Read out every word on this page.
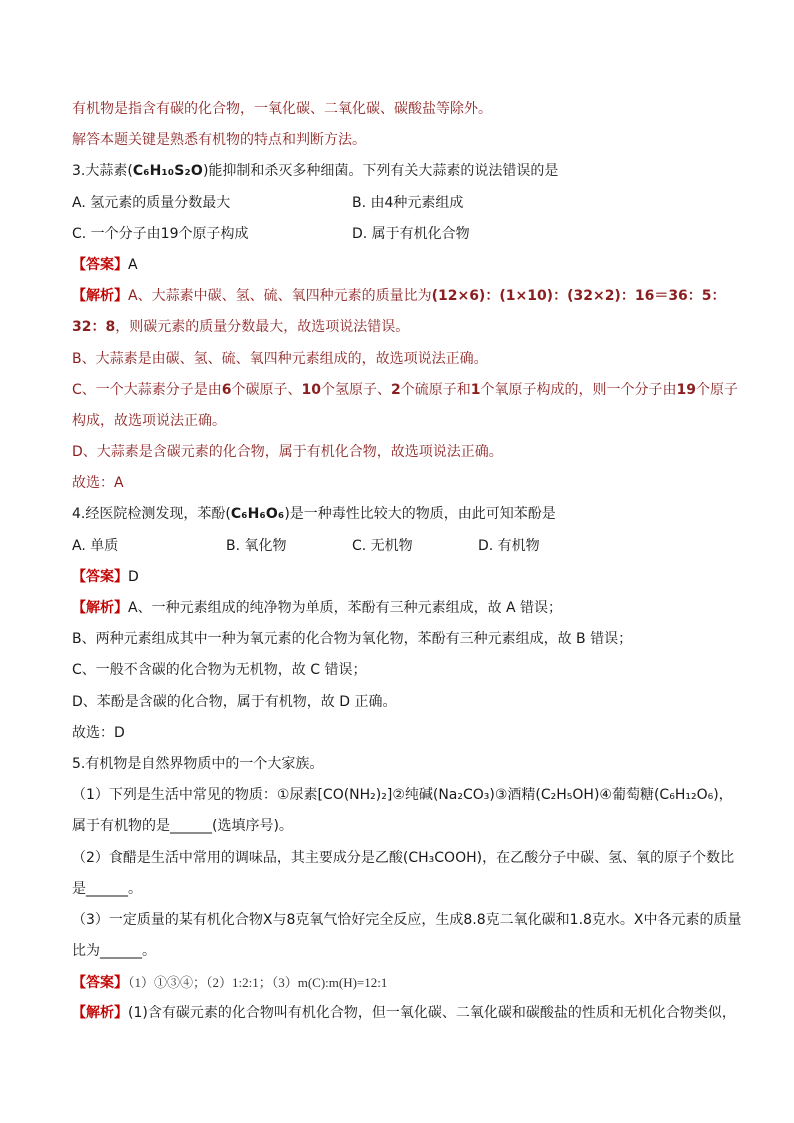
有机物是指含有碳的化合物，一氧化碳、二氧化碳、碳酸盐等除外。
解答本题关键是熟悉有机物的特点和判断方法。
3.大蒜素(C₆H₁₀S₂O)能抑制和杀灭多种细菌。下列有关大蒜素的说法错误的是
A. 氢元素的质量分数最大	B. 由4种元素组成
C. 一个分子由19个原子构成	D. 属于有机化合物
【答案】A
【解析】A、大蒜素中碳、氢、硫、氧四种元素的质量比为(12×6)：(1×10)：(32×2)：16＝36：5：
32：8，则碳元素的质量分数最大，故选项说法错误。
B、大蒜素是由碳、氢、硫、氧四种元素组成的，故选项说法正确。
C、一个大蒜素分子是由6个碳原子、10个氢原子、2个硫原子和1个氧原子构成的，则一个分子由19个原子
构成，故选项说法正确。
D、大蒜素是含碳元素的化合物，属于有机化合物，故选项说法正确。
故选：A
4.经医院检测发现，苯酚(C₆H₆O₆)是一种毒性比较大的物质，由此可知苯酚是
A. 单质	B. 氧化物	C. 无机物	D. 有机物
【答案】D
【解析】A、一种元素组成的纯净物为单质，苯酚有三种元素组成，故 A 错误；
B、两种元素组成其中一种为氧元素的化合物为氧化物，苯酚有三种元素组成，故 B 错误；
C、一般不含碳的化合物为无机物，故 C 错误；
D、苯酚是含碳的化合物，属于有机物，故 D 正确。
故选：D
5.有机物是自然界物质中的一个大家族。
（1）下列是生活中常见的物质：①尿素[CO(NH₂)₂]②纯碱(Na₂CO₃)③酒精(C₂H₅OH)④葡萄糖(C₆H₁₂O₆)，
属于有机物的是______(选填序号)。
（2）食醋是生活中常用的调味品，其主要成分是乙酸(CH₃COOH)，在乙酸分子中碳、氢、氧的原子个数比
是______。
（3）一定质量的某有机化合物X与8克氧气恰好完全反应，生成8.8克二氧化碳和1.8克水。X中各元素的质量
比为______。
【答案】（1）①③④；（2）1:2:1；（3）m(C):m(H)=12:1
【解析】(1)含有碳元素的化合物叫有机化合物，但一氧化碳、二氧化碳和碳酸盐的性质和无机化合物类似，
